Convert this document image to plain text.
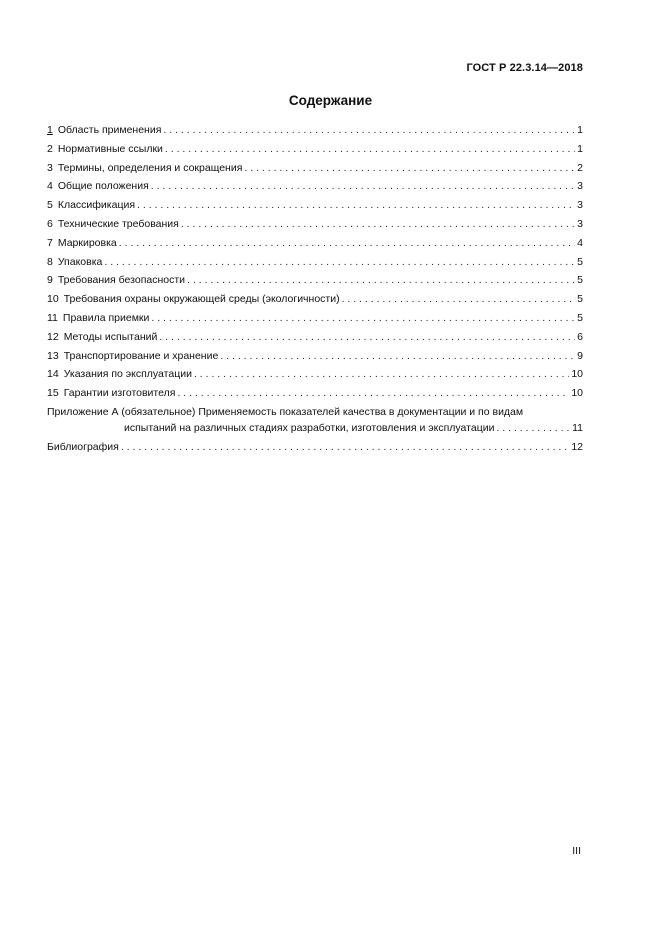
ГОСТ Р 22.3.14—2018
Содержание
1 Область применения . . .	1
2 Нормативные ссылки . . .	1
3 Термины, определения и сокращения . . .	2
4 Общие положения . . .	3
5 Классификация . . .	3
6 Технические требования . . .	3
7 Маркировка . . .	4
8 Упаковка . . .	5
9 Требования безопасности . . .	5
10 Требования охраны окружающей среды (экологичности) . . .	5
11 Правила приемки . . .	5
12 Методы испытаний . . .	6
13 Транспортирование и хранение . . .	9
14 Указания по эксплуатации . . .	10
15 Гарантии изготовителя . . .	10
Приложение А (обязательное) Применяемость показателей качества в документации и по видам
испытаний на различных стадиях разработки, изготовления и эксплуатации . . .	11
Библиография . . .	12
III
